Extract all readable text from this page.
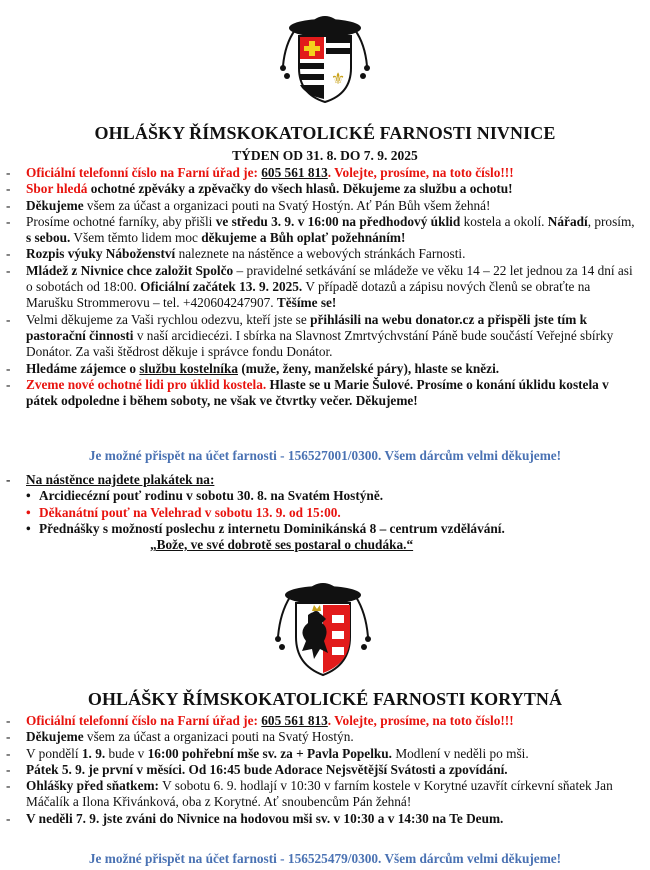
⚜
OHLÁŠKY ŘÍMSKOKATOLICKÉ FARNOSTI NIVNICE
TÝDEN OD 31. 8. DO 7. 9. 2025
- Oficiální telefonní číslo na Farní úřad je: 605 561 813. Volejte, prosíme, na toto číslo!!!
- Sbor hledá ochotné zpěváky a zpěvačky do všech hlasů. Děkujeme za službu a ochotu!
- Děkujeme všem za účast a organizaci pouti na Svatý Hostýn. Ať Pán Bůh všem žehná!
- Prosíme ochotné farníky, aby přišli ve středu 3. 9. v 16:00 na předhodový úklid kostela a okolí. Nářadí, prosím, s sebou. Všem těmto lidem moc děkujeme a Bůh oplať požehnáním!
- Rozpis výuky Náboženství naleznete na nástěnce a webových stránkách Farnosti.
- Mládež z Nivnice chce založit Spolčo – pravidelné setkávání se mládeže ve věku 14 – 22 let jednou za 14 dní asi o sobotách od 18:00. Oficiální začátek 13. 9. 2025. V případě dotazů a zápisu nových členů se obraťte na Marušku Strommerovu – tel. +420604247907. Těšíme se!
- Velmi děkujeme za Vaši rychlou odezvu, kteří jste se přihlásili na webu donator.cz a přispěli jste tím k pastorační činnosti v naší arcidiecézi. I sbírka na Slavnost Zmrtvýchvstání Páně bude součástí Veřejné sbírky Donátor. Za vaši štědrost děkuje i správce fondu Donátor.
- Hledáme zájemce o službu kostelníka (muže, ženy, manželské páry), hlaste se knězi.
- Zveme nové ochotné lidi pro úklid kostela. Hlaste se u Marie Šulové. Prosíme o konání úklidu kostela v pátek odpoledne i během soboty, ne však ve čtvrtky večer. Děkujeme!
Je možné přispět na účet farnosti - 156527001/0300. Všem dárcům velmi děkujeme!
- Na nástěnce najdete plakátek na:
• Arcidiecézní pouť rodinu v sobotu 30. 8. na Svatém Hostýně.
• Děkanátní pouť na Velehrad v sobotu 13. 9. od 15:00.
• Přednášky s možností poslechu z internetu Dominikánská 8 – centrum vzdělávání.
„Bože, ve své dobrotě ses postaral o chudáka.“
OHLÁŠKY ŘÍMSKOKATOLICKÉ FARNOSTI KORYTNÁ
- Oficiální telefonní číslo na Farní úřad je: 605 561 813. Volejte, prosíme, na toto číslo!!!
- Děkujeme všem za účast a organizaci pouti na Svatý Hostýn.
- V pondělí 1. 9. bude v 16:00 pohřební mše sv. za + Pavla Popelku. Modlení v neděli po mši.
- Pátek 5. 9. je první v měsíci. Od 16:45 bude Adorace Nejsvětější Svátosti a zpovídání.
- Ohlášky před sňatkem: V sobotu 6. 9. hodlají v 10:30 v farním kostele v Korytné uzavřít církevní sňatek Jan Máčalík a Ilona Křivánková, oba z Korytné. Ať snoubencům Pán žehná!
- V neděli 7. 9. jste zváni do Nivnice na hodovou mši sv. v 10:30 a v 14:30 na Te Deum.
Je možné přispět na účet farnosti - 156525479/0300. Všem dárcům velmi děkujeme!
